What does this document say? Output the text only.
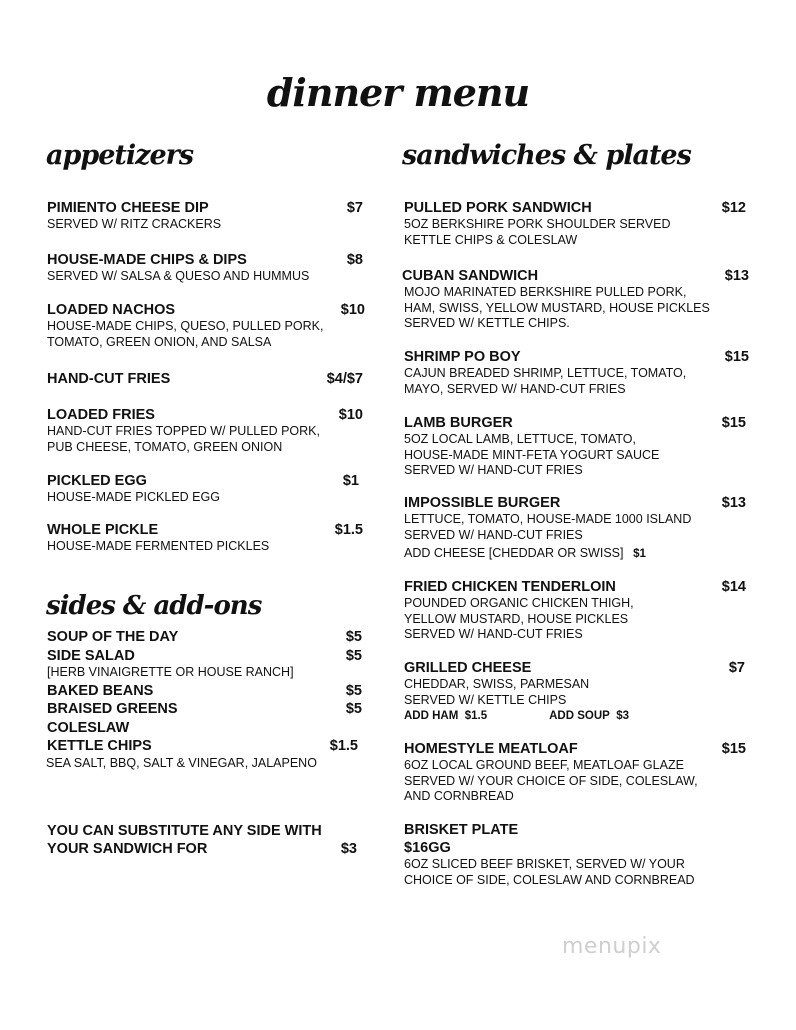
dinner menu
appetizers
PIMIENTO CHEESE DIP	$7
SERVED W/ RITZ CRACKERS
HOUSE-MADE CHIPS & DIPS	$8
SERVED W/ SALSA & QUESO AND HUMMUS
LOADED NACHOS	$10
HOUSE-MADE CHIPS, QUESO, PULLED PORK,
TOMATO, GREEN ONION, AND SALSA
HAND-CUT FRIES	$4/$7
LOADED FRIES	$10
HAND-CUT FRIES TOPPED W/ PULLED PORK,
PUB CHEESE, TOMATO, GREEN ONION
PICKLED EGG	$1
HOUSE-MADE PICKLED EGG
WHOLE PICKLE	$1.5
HOUSE-MADE FERMENTED PICKLES
sides & add-ons
SOUP OF THE DAY	$5
SIDE SALAD	$5
[HERB VINAIGRETTE OR HOUSE RANCH]
BAKED BEANS	$5
BRAISED GREENS	$5
COLESLAW
KETTLE CHIPS	$1.5
SEA SALT, BBQ, SALT & VINEGAR, JALAPENO
YOU CAN SUBSTITUTE ANY SIDE WITH
YOUR SANDWICH FOR	$3
sandwiches & plates
PULLED PORK SANDWICH	$12
5OZ BERKSHIRE PORK SHOULDER SERVED
KETTLE CHIPS & COLESLAW
CUBAN SANDWICH	$13
MOJO MARINATED BERKSHIRE PULLED PORK,
HAM, SWISS, YELLOW MUSTARD, HOUSE PICKLES
SERVED W/ KETTLE CHIPS.
SHRIMP PO BOY	$15
CAJUN BREADED SHRIMP, LETTUCE, TOMATO,
MAYO, SERVED W/ HAND-CUT FRIES
LAMB BURGER	$15
5OZ LOCAL LAMB, LETTUCE, TOMATO,
HOUSE-MADE MINT-FETA YOGURT SAUCE
SERVED W/ HAND-CUT FRIES
IMPOSSIBLE BURGER	$13
LETTUCE, TOMATO, HOUSE-MADE 1000 ISLAND
SERVED W/ HAND-CUT FRIES
ADD CHEESE [CHEDDAR OR SWISS] $1
FRIED CHICKEN TENDERLOIN	$14
POUNDED ORGANIC CHICKEN THIGH,
YELLOW MUSTARD, HOUSE PICKLES
SERVED W/ HAND-CUT FRIES
GRILLED CHEESE	$7
CHEDDAR, SWISS, PARMESAN
SERVED W/ KETTLE CHIPS
ADD HAM $1.5	ADD SOUP $3
HOMESTYLE MEATLOAF	$15
6OZ LOCAL GROUND BEEF, MEATLOAF GLAZE
SERVED W/ YOUR CHOICE OF SIDE, COLESLAW,
AND CORNBREAD
BRISKET PLATE
$16GG
6OZ SLICED BEEF BRISKET, SERVED W/ YOUR
CHOICE OF SIDE, COLESLAW AND CORNBREAD
menupix
